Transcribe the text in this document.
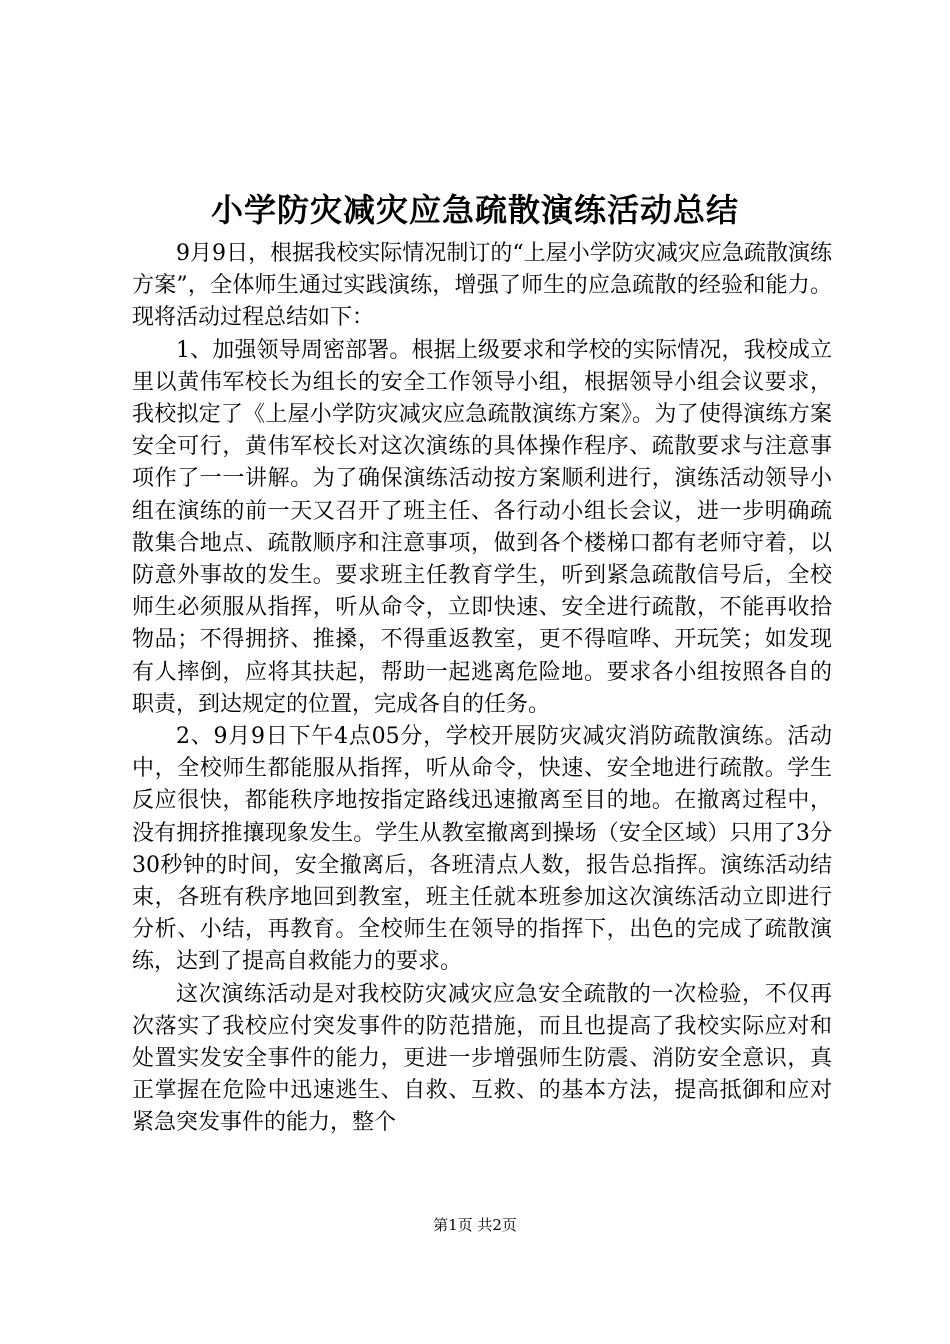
小学防灾减灾应急疏散演练活动总结

9月9日，根据我校实际情况制订的“上屋小学防灾减灾应急疏散演练方案”，全体师生通过实践演练，增强了师生的应急疏散的经验和能力。现将活动过程总结如下：

1、加强领导周密部署。根据上级要求和学校的实际情况，我校成立里以黄伟军校长为组长的安全工作领导小组，根据领导小组会议要求，我校拟定了《上屋小学防灾减灾应急疏散演练方案》。为了使得演练方案安全可行，黄伟军校长对这次演练的具体操作程序、疏散要求与注意事项作了一一讲解。为了确保演练活动按方案顺利进行，演练活动领导小组在演练的前一天又召开了班主任、各行动小组长会议，进一步明确疏散集合地点、疏散顺序和注意事项，做到各个楼梯口都有老师守着，以防意外事故的发生。要求班主任教育学生，听到紧急疏散信号后，全校师生必须服从指挥，听从命令，立即快速、安全进行疏散，不能再收拾物品；不得拥挤、推搡，不得重返教室，更不得喧哗、开玩笑；如发现有人摔倒，应将其扶起，帮助一起逃离危险地。要求各小组按照各自的职责，到达规定的位置，完成各自的任务。

2、9月9日下午4点05分，学校开展防灾减灾消防疏散演练。活动中，全校师生都能服从指挥，听从命令，快速、安全地进行疏散。学生反应很快，都能秩序地按指定路线迅速撤离至目的地。在撤离过程中，没有拥挤推攘现象发生。学生从教室撤离到操场（安全区域）只用了3分30秒钟的时间，安全撤离后，各班清点人数，报告总指挥。演练活动结束，各班有秩序地回到教室，班主任就本班参加这次演练活动立即进行分析、小结，再教育。全校师生在领导的指挥下，出色的完成了疏散演练，达到了提高自救能力的要求。

这次演练活动是对我校防灾减灾应急安全疏散的一次检验，不仅再次落实了我校应付突发事件的防范措施，而且也提高了我校实际应对和处置实发安全事件的能力，更进一步增强师生防震、消防安全意识，真正掌握在危险中迅速逃生、自救、互救、的基本方法，提高抵御和应对紧急突发事件的能力，整个

第1页 共2页
